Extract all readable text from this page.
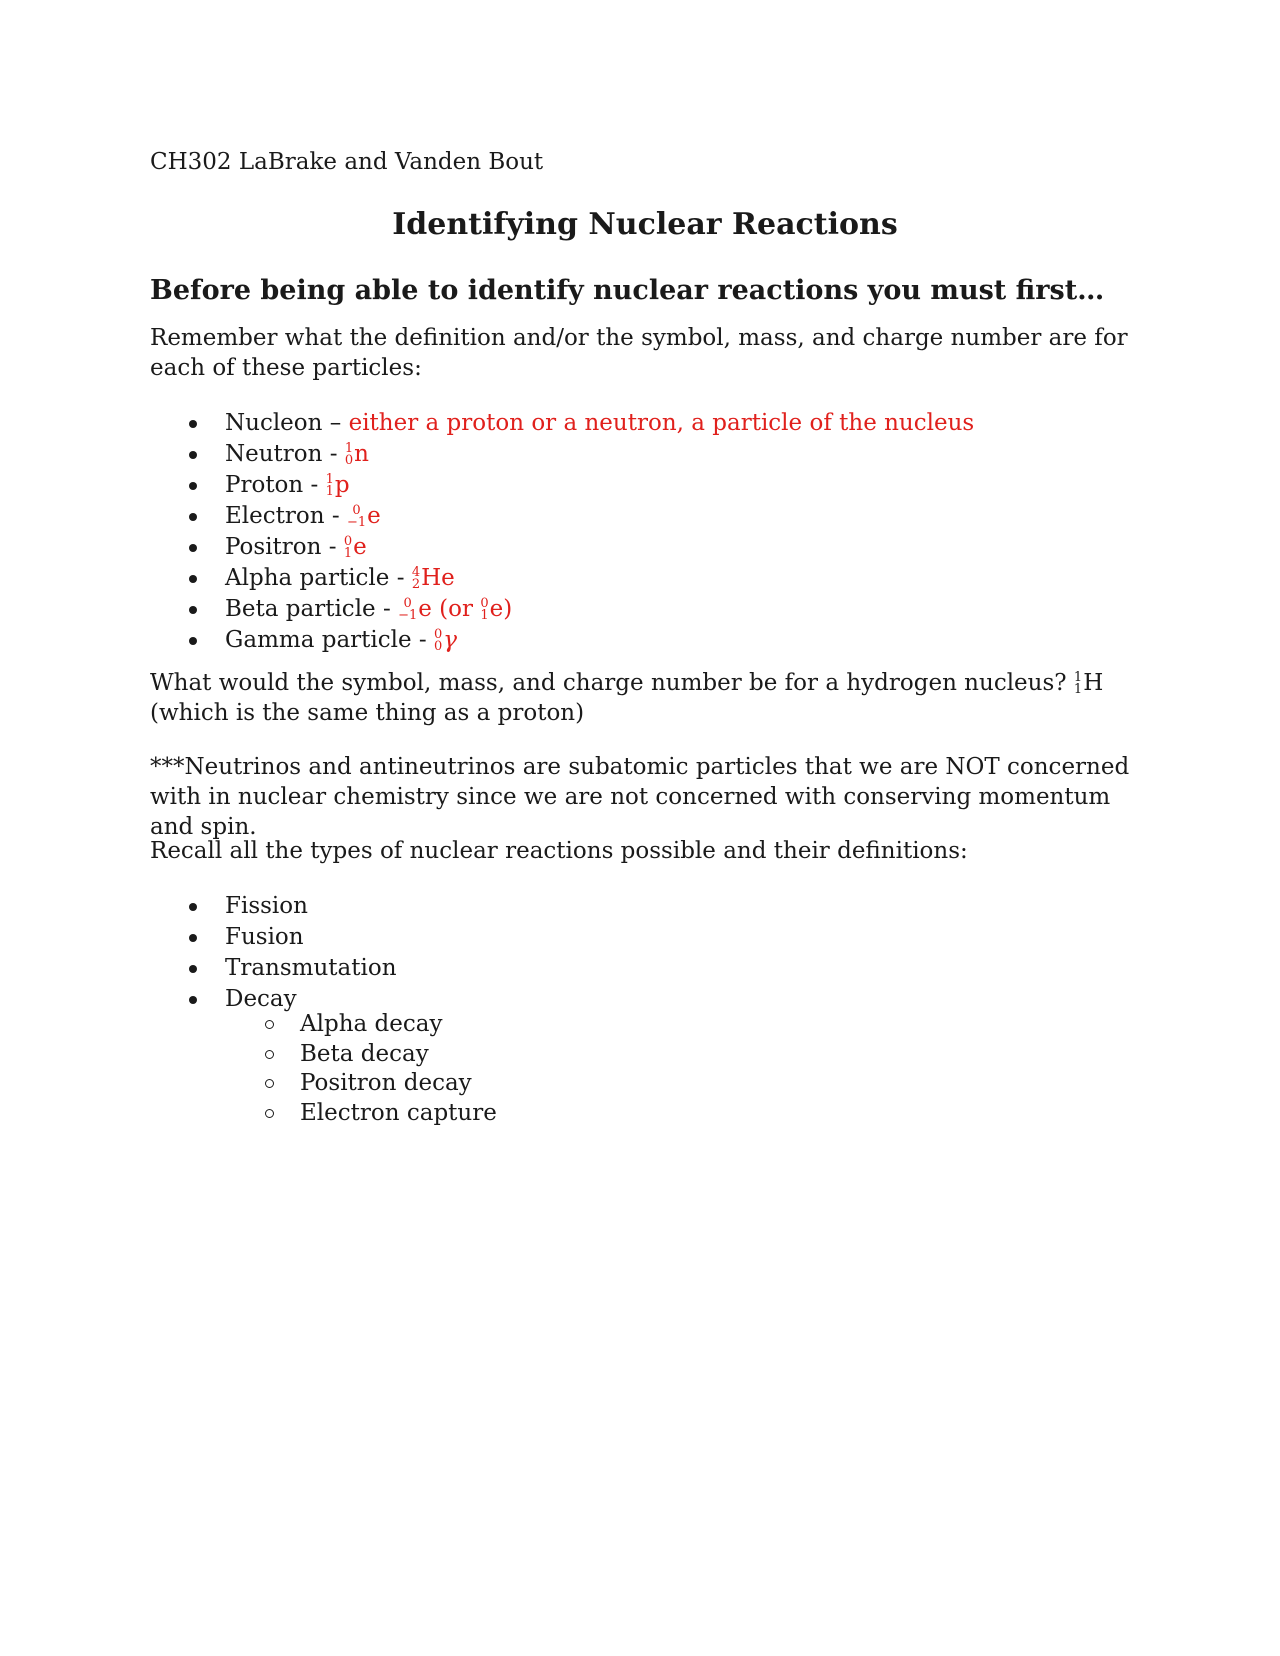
CH302 LaBrake and Vanden Bout
Identifying Nuclear Reactions
Before being able to identify nuclear reactions you must first…

Remember what the definition and/or the symbol, mass, and charge number are for each of these particles:

Nucleon – either a proton or a neutron, a particle of the nucleus
Neutron - 1
0 n
Proton - 1
1 p
Electron - 0
−1 e
Positron - 0
1 e
Alpha particle - 4
2 He
Beta particle - 0
−1 e (or 0
1 e)
Gamma particle - 0
0 γ

What would the symbol, mass, and charge number be for a hydrogen nucleus? 1
1 H (which is the same thing as a proton)

***Neutrinos and antineutrinos are subatomic particles that we are NOT concerned with in nuclear chemistry since we are not concerned with conserving momentum and spin.

Recall all the types of nuclear reactions possible and their definitions:

Fission
Fusion
Transmutation
Decay
Alpha decay
Beta decay
Positron decay
Electron capture
